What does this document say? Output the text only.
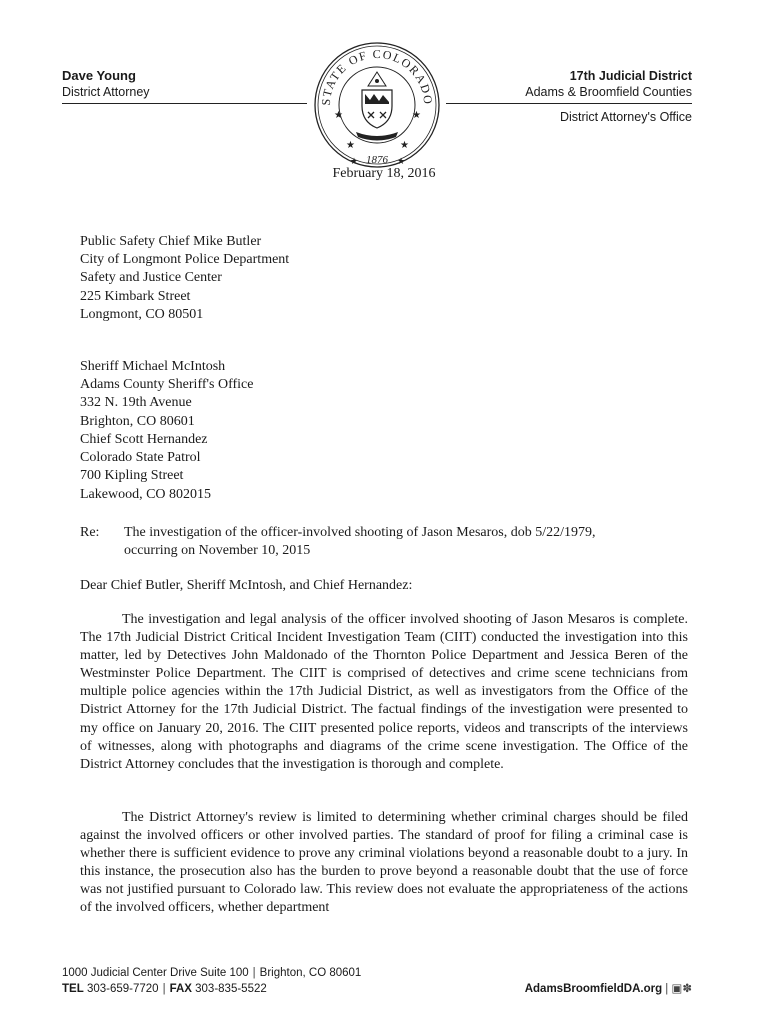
Dave Young
District Attorney
STATE OF COLORADO
★	★
★	★
1876
★	★
17th Judicial District
Adams & Broomfield Counties
District Attorney's Office
February 18, 2016
Public Safety Chief Mike Butler
City of Longmont Police Department
Safety and Justice Center
225 Kimbark Street
Longmont, CO 80501
Sheriff Michael McIntosh
Adams County Sheriff's Office
332 N. 19th Avenue
Brighton, CO 80601
Chief Scott Hernandez
Colorado State Patrol
700 Kipling Street
Lakewood, CO 802015
Re: The investigation of the officer-involved shooting of Jason Mesaros, dob 5/22/1979,
occurring on November 10, 2015
Dear Chief Butler, Sheriff McIntosh, and Chief Hernandez:

The investigation and legal analysis of the officer involved shooting of Jason Mesaros is complete. The 17th Judicial District Critical Incident Investigation Team (CIIT) conducted the investigation into this matter, led by Detectives John Maldonado of the Thornton Police Department and Jessica Beren of the Westminster Police Department. The CIIT is comprised of detectives and crime scene technicians from multiple police agencies within the 17th Judicial District, as well as investigators from the Office of the District Attorney for the 17th Judicial District. The factual findings of the investigation were presented to my office on January 20, 2016. The CIIT presented police reports, videos and transcripts of the interviews of witnesses, along with photographs and diagrams of the crime scene investigation. The Office of the District Attorney concludes that the investigation is thorough and complete.

The District Attorney's review is limited to determining whether criminal charges should be filed against the involved officers or other involved parties. The standard of proof for filing a criminal case is whether there is sufficient evidence to prove any criminal violations beyond a reasonable doubt to a jury. In this instance, the prosecution also has the burden to prove beyond a reasonable doubt that the use of force was not justified pursuant to Colorado law. This review does not evaluate the appropriateness of the actions of the involved officers, whether department

1000 Judicial Center Drive Suite 100 | Brighton, CO 80601
TEL 303-659-7720 | FAX 303-835-5522	AdamsBroomfieldDA.org | ▣✽
